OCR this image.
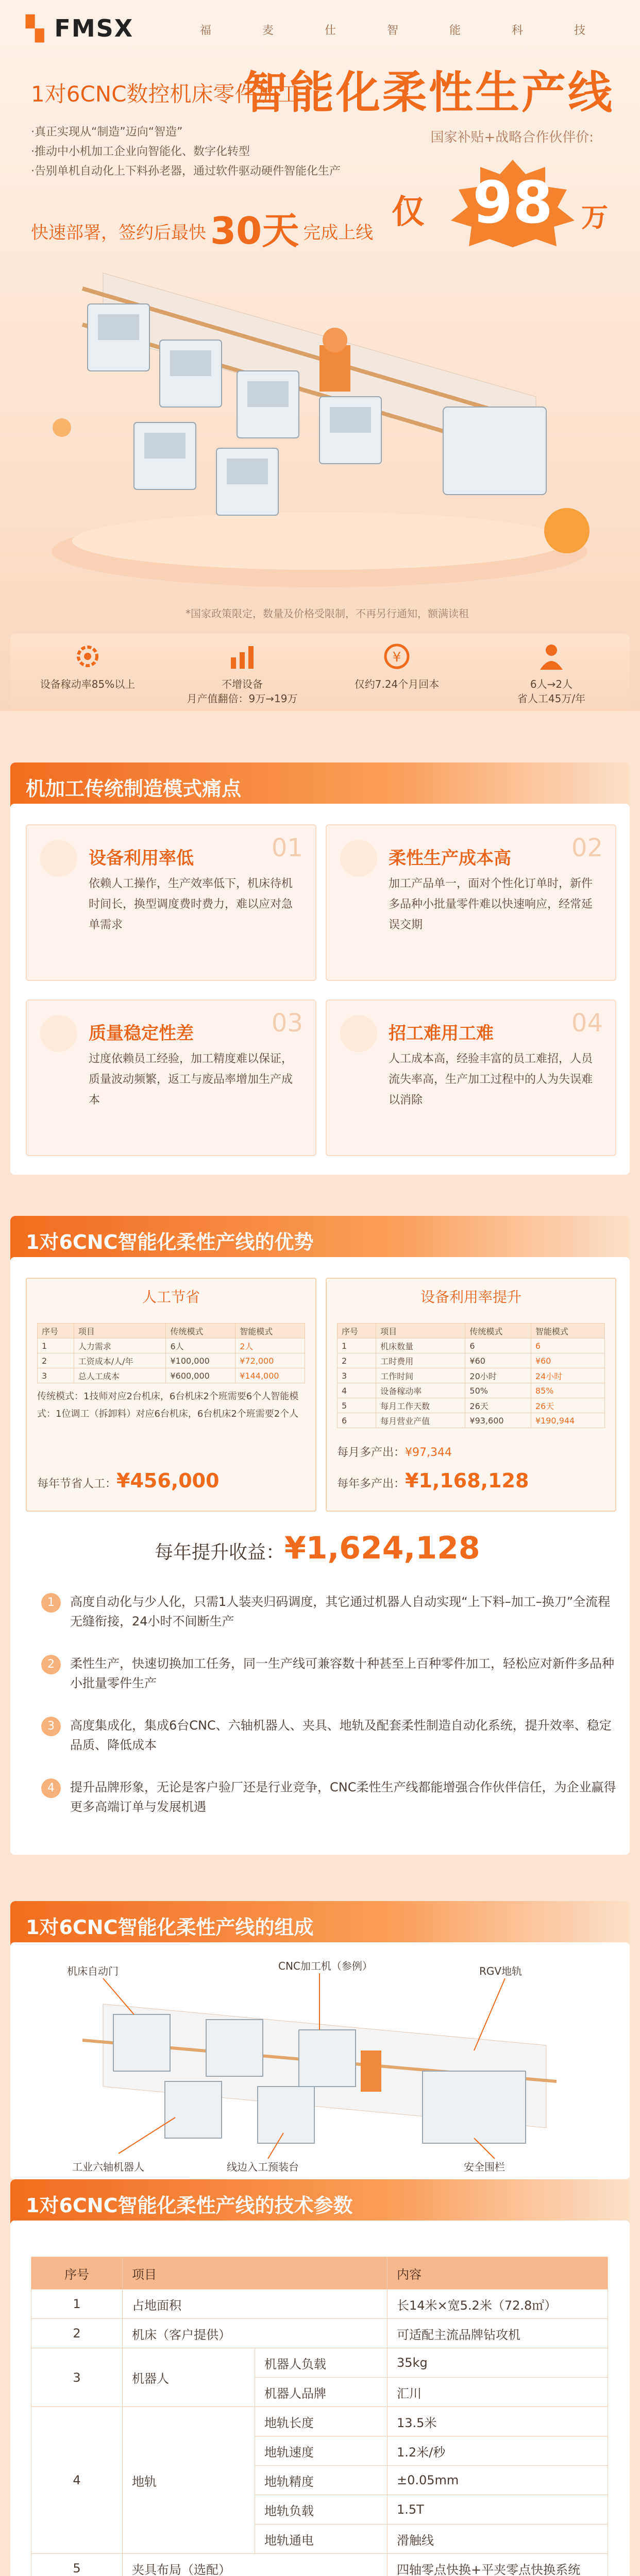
▚ FMSX	福 麦 仕 智 能 科 技
1对6CNC数控机床零件加工
智能化柔性生产线
·真正实现从“制造”迈向“智造”
·推动中小机加工企业向智能化、数字化转型
·告别单机自动化上下料孙老器，通过软件驱动硬件智能化生产
快速部署，签约后最快 30天 完成上线
国家补贴+战略合作伙伴价:
仅 98 万
*国家政策限定，数量及价格受限制，不再另行通知，额满读租
设备稼动率85%以上	不增设备
月产值翻倍：9万→19万
¥
仅约7.24个月回本	6人→2人
省人工45万/年
机加工传统制造模式痛点
01
设备利用率低
依赖人工操作，生产效率低下，机床待机时间长，换型调度费时费力，难以应对急单需求
02
柔性生产成本高
加工产品单一，面对个性化订单时，新件多品种小批量零件难以快速响应，经常延误交期
03
质量稳定性差
过度依赖员工经验，加工精度难以保证，质量波动频繁，返工与废品率增加生产成本
04
招工难用工难
人工成本高，经验丰富的员工难招，人员流失率高，生产加工过程中的人为失误难以消除
1对6CNC智能化柔性产线的优势
人工节省
序号	项目	传统模式	智能模式
1	人力需求	6人	2人
2	工资成本/人/年	¥100,000	¥72,000
3	总人工成本	¥600,000	¥144,000
传统模式：1技师对应2台机床，6台机床2个班需要6个人智能模式：1位调工（拆卸料）对应6台机床，6台机床2个班需要2个人
每年节省人工：¥456,000
设备利用率提升
序号	项目	传统模式	智能模式
1	机床数量	6	6
2	工时费用	¥60	¥60
3	工作时间	20小时	24小时
4	设备稼动率	50%	85%
5	每月工作天数	26天	26天
6	每月营业产值	¥93,600	¥190,944
每月多产出：¥97,344
每年多产出：¥1,168,128
每年提升收益：¥1,624,128
1	高度自动化与少人化，只需1人装夹归码调度，其它通过机器人自动实现“上下料–加工–换刀”全流程无缝衔接，24小时不间断生产
2	柔性生产，快速切换加工任务，同一生产线可兼容数十种甚至上百种零件加工，轻松应对新件多品种小批量零件生产
3	高度集成化，集成6台CNC、六轴机器人、夹具、地轨及配套柔性制造自动化系统，提升效率、稳定品质、降低成本
4	提升品牌形象，无论是客户验厂还是行业竞争，CNC柔性生产线都能增强合作伙伴信任，为企业赢得更多高端订单与发展机遇
1对6CNC智能化柔性产线的组成
机床自动门	CNC加工机（参例）	RGV地轨
工业六轴机器人	线边入工预装台	安全围栏
1对6CNC智能化柔性产线的技术参数
序号	项目		内容
1	占地面积		长14米×宽5.2米（72.8㎡）
2	机床（客户提供）		可适配主流品牌钻攻机
3	机器人	机器人负载	35kg
		机器人品牌	汇川
4	地轨	地轨长度	13.5米
		地轨速度	1.2米/秒
		地轨精度	±0.05mm
		地轨负载	1.5T
		地轨通电	滑触线
5	夹具布局（选配）		四轴零点快换+平夹零点快换系统
